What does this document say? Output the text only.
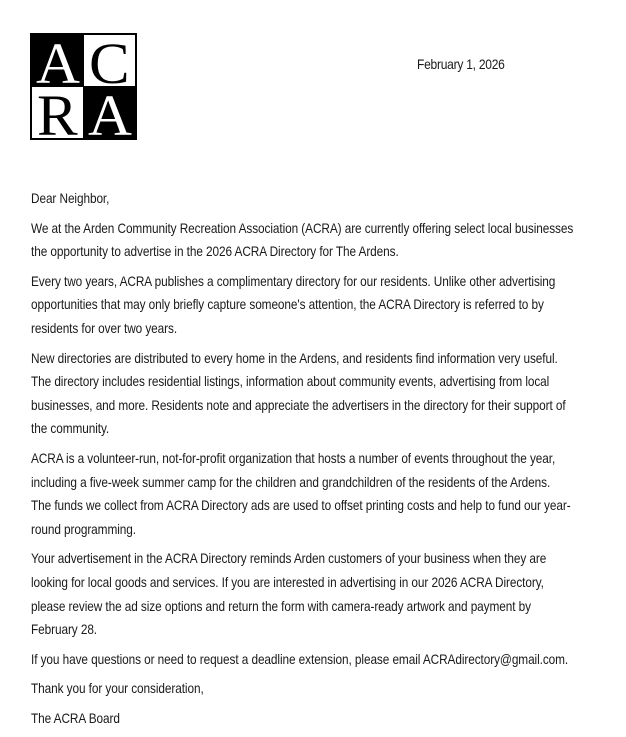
A C
R A
February 1, 2026

Dear Neighbor,

We at the Arden Community Recreation Association (ACRA) are currently offering select local businesses
the opportunity to advertise in the 2026 ACRA Directory for The Ardens.

Every two years, ACRA publishes a complimentary directory for our residents. Unlike other advertising
opportunities that may only briefly capture someone's attention, the ACRA Directory is referred to by
residents for over two years.

New directories are distributed to every home in the Ardens, and residents find information very useful.
The directory includes residential listings, information about community events, advertising from local
businesses, and more. Residents note and appreciate the advertisers in the directory for their support of
the community.

ACRA is a volunteer-run, not-for-profit organization that hosts a number of events throughout the year,
including a five-week summer camp for the children and grandchildren of the residents of the Ardens.
The funds we collect from ACRA Directory ads are used to offset printing costs and help to fund our year-
round programming.

Your advertisement in the ACRA Directory reminds Arden customers of your business when they are
looking for local goods and services. If you are interested in advertising in our 2026 ACRA Directory,
please review the ad size options and return the form with camera-ready artwork and payment by
February 28.

If you have questions or need to request a deadline extension, please email ACRAdirectory@gmail.com.

Thank you for your consideration,

The ACRA Board
